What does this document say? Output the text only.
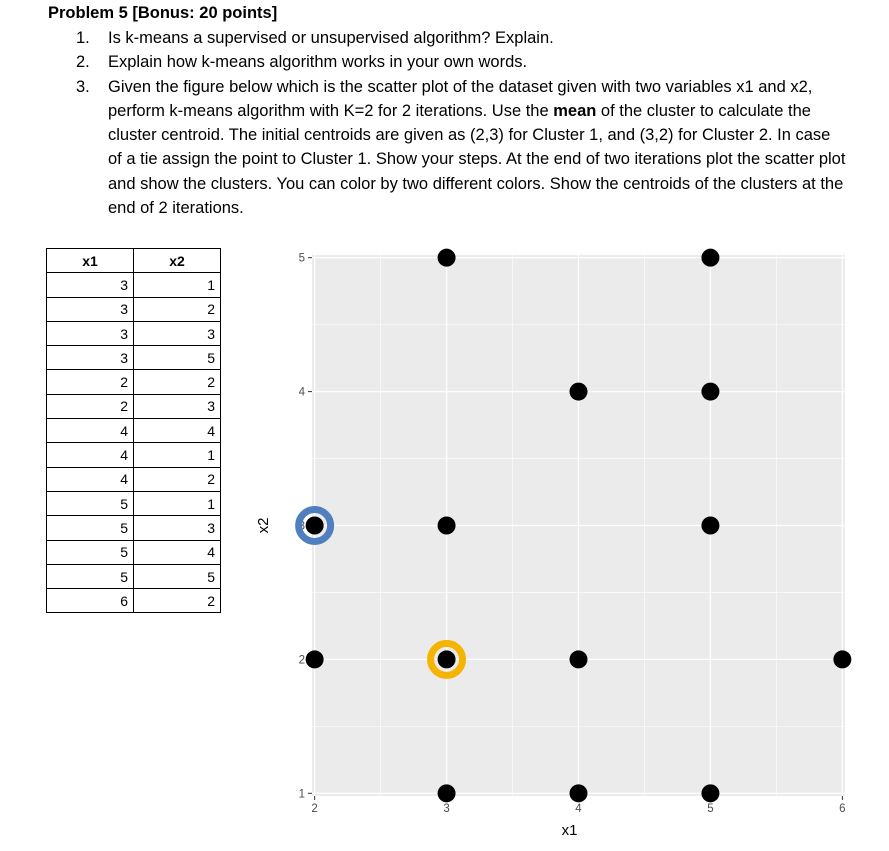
Problem 5 [Bonus: 20 points]
1. Is k-means a supervised or unsupervised algorithm? Explain.
2. Explain how k-means algorithm works in your own words.
3. Given the figure below which is the scatter plot of the dataset given with two variables x1 and x2, perform k-means algorithm with K=2 for 2 iterations. Use the mean of the cluster to calculate the cluster centroid. The initial centroids are given as (2,3) for Cluster 1, and (3,2) for Cluster 2. In case of a tie assign the point to Cluster 1. Show your steps. At the end of two iterations plot the scatter plot and show the clusters. You can color by two different colors. Show the centroids of the clusters at the end of 2 iterations.
x1	x2
3	1
3	2
3	3
3	5
2	2
2	3
4	4
4	1
4	2
5	1
5	3
5	4
5	5
6	2
2	3	4	5	6
1
2
3
4
5
x1
x2
